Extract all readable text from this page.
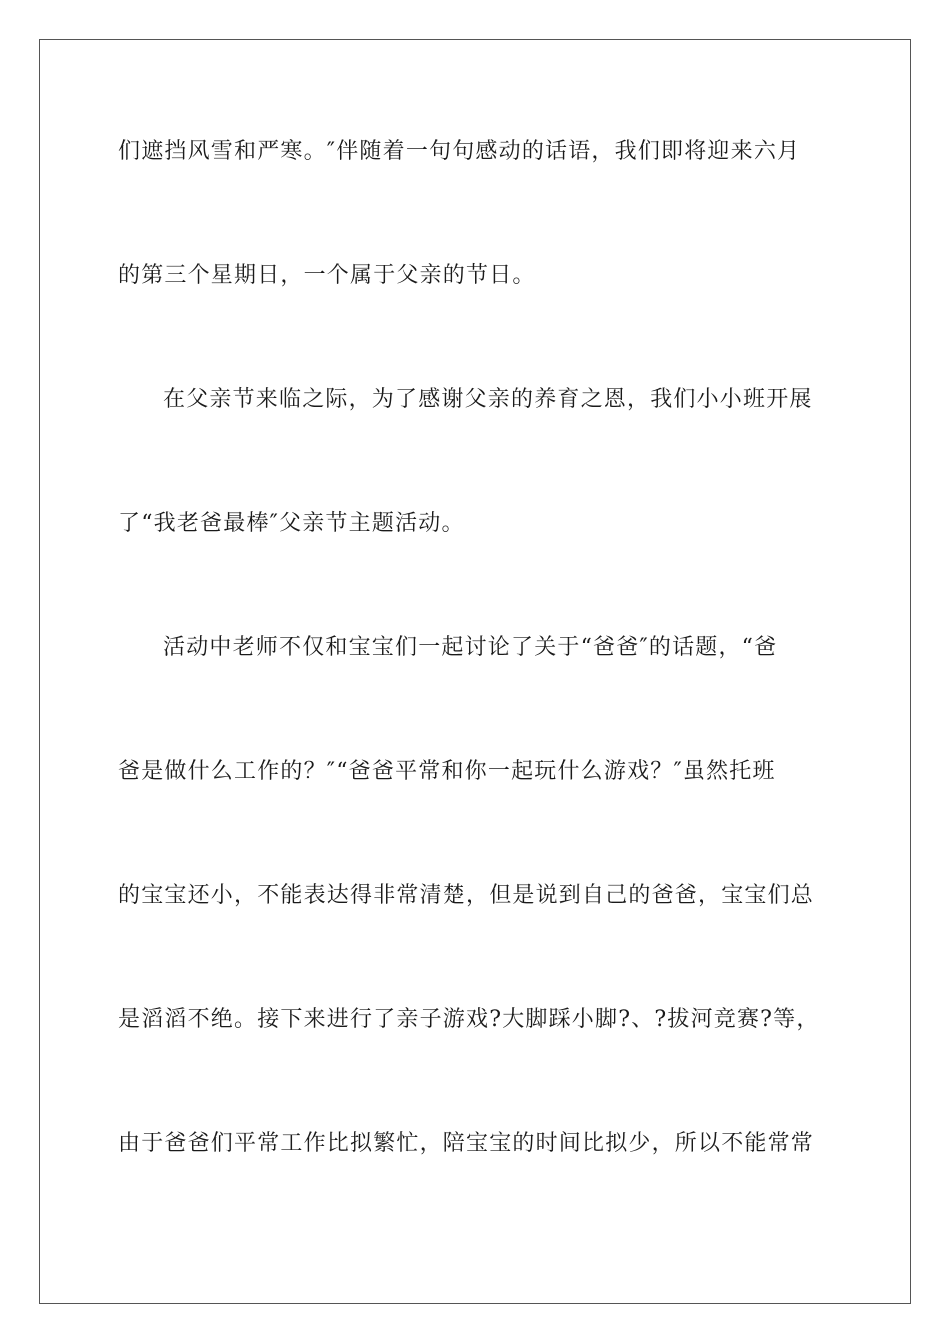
们遮挡风雪和严寒。″伴随着一句句感动的话语，我们即将迎来六月
的第三个星期日，一个属于父亲的节日。
在父亲节来临之际，为了感谢父亲的养育之恩，我们小小班开展
了“我老爸最棒″父亲节主题活动。
活动中老师不仅和宝宝们一起讨论了关于“爸爸″的话题，“爸
爸是做什么工作的？″“爸爸平常和你一起玩什么游戏？″虽然托班
的宝宝还小，不能表达得非常清楚，但是说到自己的爸爸，宝宝们总
是滔滔不绝。接下来进行了亲子游戏?大脚踩小脚?、?拔河竞赛?等，
由于爸爸们平常工作比拟繁忙，陪宝宝的时间比拟少，所以不能常常
